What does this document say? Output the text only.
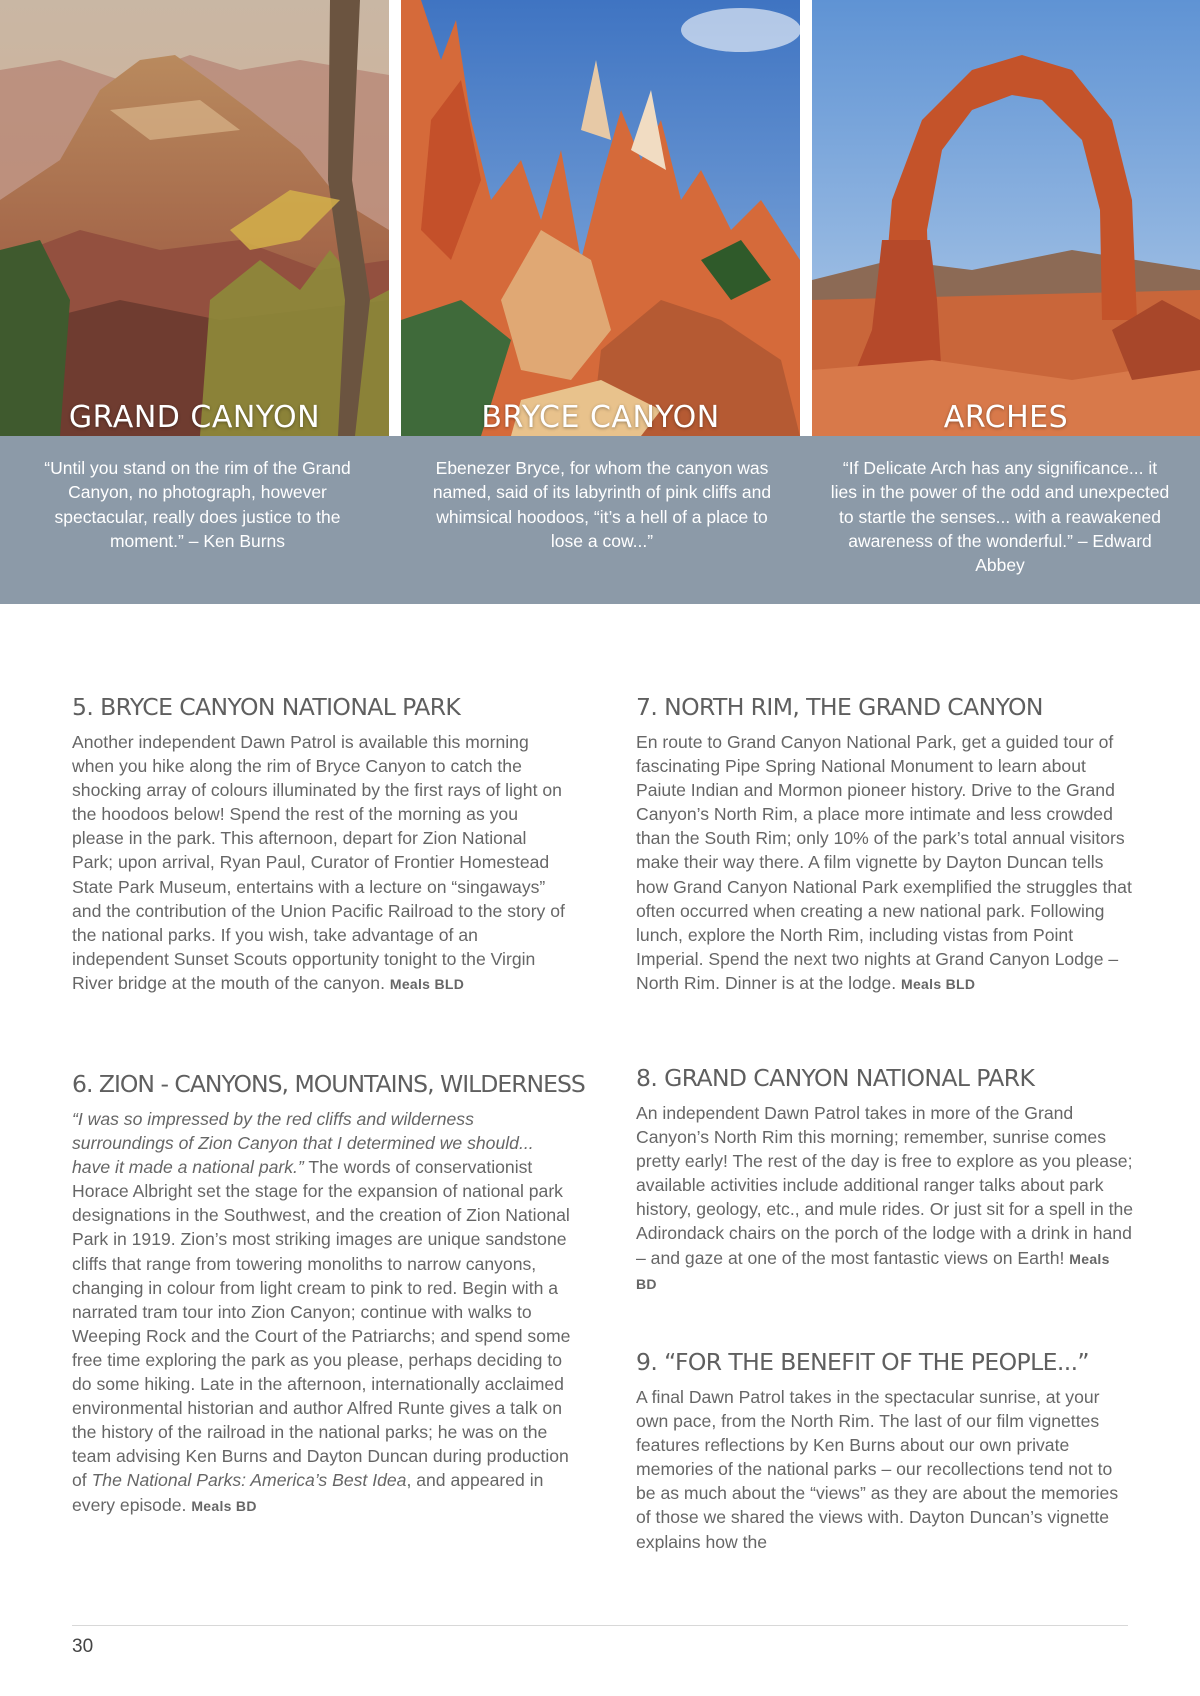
GRAND CANYON	BRYCE CANYON	ARCHES
“Until you stand on the rim of the Grand Canyon, no photograph, however spectacular, really does justice to the moment.” – Ken Burns
Ebenezer Bryce, for whom the canyon was named, said of its labyrinth of pink cliffs and whimsical hoodoos, “it’s a hell of a place to lose a cow...”
“If Delicate Arch has any significance... it lies in the power of the odd and unexpected to startle the senses... with a reawakened awareness of the wonderful.” – Edward Abbey
5. BRYCE CANYON NATIONAL PARK

Another independent Dawn Patrol is available this morning when you hike along the rim of Bryce Canyon to catch the shocking array of colours illuminated by the first rays of light on the hoodoos below! Spend the rest of the morning as you please in the park. This afternoon, depart for Zion National Park; upon arrival, Ryan Paul, Curator of Frontier Homestead State Park Museum, entertains with a lecture on “singaways” and the contribution of the Union Pacific Railroad to the story of the national parks. If you wish, take advantage of an independent Sunset Scouts opportunity tonight to the Virgin River bridge at the mouth of the canyon. Meals BLD

6. ZION - CANYONS, MOUNTAINS, WILDERNESS

“I was so impressed by the red cliffs and wilderness surroundings of Zion Canyon that I determined we should... have it made a national park.” The words of conservationist Horace Albright set the stage for the expansion of national park designations in the Southwest, and the creation of Zion National Park in 1919. Zion’s most striking images are unique sandstone cliffs that range from towering monoliths to narrow canyons, changing in colour from light cream to pink to red. Begin with a narrated tram tour into Zion Canyon; continue with walks to Weeping Rock and the Court of the Patriarchs; and spend some free time exploring the park as you please, perhaps deciding to do some hiking. Late in the afternoon, internationally acclaimed environmental historian and author Alfred Runte gives a talk on the history of the railroad in the national parks; he was on the team advising Ken Burns and Dayton Duncan during production of The National Parks: America’s Best Idea, and appeared in every episode. Meals BD

7. NORTH RIM, THE GRAND CANYON

En route to Grand Canyon National Park, get a guided tour of fascinating Pipe Spring National Monument to learn about Paiute Indian and Mormon pioneer history. Drive to the Grand Canyon’s North Rim, a place more intimate and less crowded than the South Rim; only 10% of the park’s total annual visitors make their way there. A film vignette by Dayton Duncan tells how Grand Canyon National Park exemplified the struggles that often occurred when creating a new national park. Following lunch, explore the North Rim, including vistas from Point Imperial. Spend the next two nights at Grand Canyon Lodge – North Rim. Dinner is at the lodge. Meals BLD

8. GRAND CANYON NATIONAL PARK

An independent Dawn Patrol takes in more of the Grand Canyon’s North Rim this morning; remember, sunrise comes pretty early! The rest of the day is free to explore as you please; available activities include additional ranger talks about park history, geology, etc., and mule rides. Or just sit for a spell in the Adirondack chairs on the porch of the lodge with a drink in hand – and gaze at one of the most fantastic views on Earth! Meals BD

9. “FOR THE BENEFIT OF THE PEOPLE...”

A final Dawn Patrol takes in the spectacular sunrise, at your own pace, from the North Rim. The last of our film vignettes features reflections by Ken Burns about our own private memories of the national parks – our recollections tend not to be as much about the “views” as they are about the memories of those we shared the views with. Dayton Duncan’s vignette explains how the

30
